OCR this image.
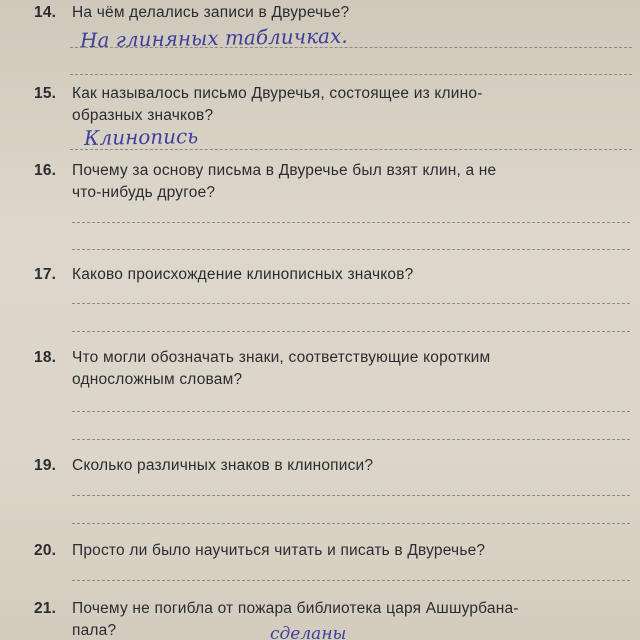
14.	На чём делались записи в Двуречье?
На глиняных табличках.
15.	Как называлось письмо Двуречья, состоящее из клино-
образных значков?
Клинопись
16.	Почему за основу письма в Двуречье был взят клин, а не
что-нибудь другое?
17.	Каково происхождение клинописных значков?
18.	Что могли обозначать знаки, соответствующие коротким
односложным словам?
19.	Сколько различных знаков в клинописи?
20.	Просто ли было научиться читать и писать в Двуречье?
21.	Почему не погибла от пожара библиотека царя Ашшурбана-
пала?	сделаны
